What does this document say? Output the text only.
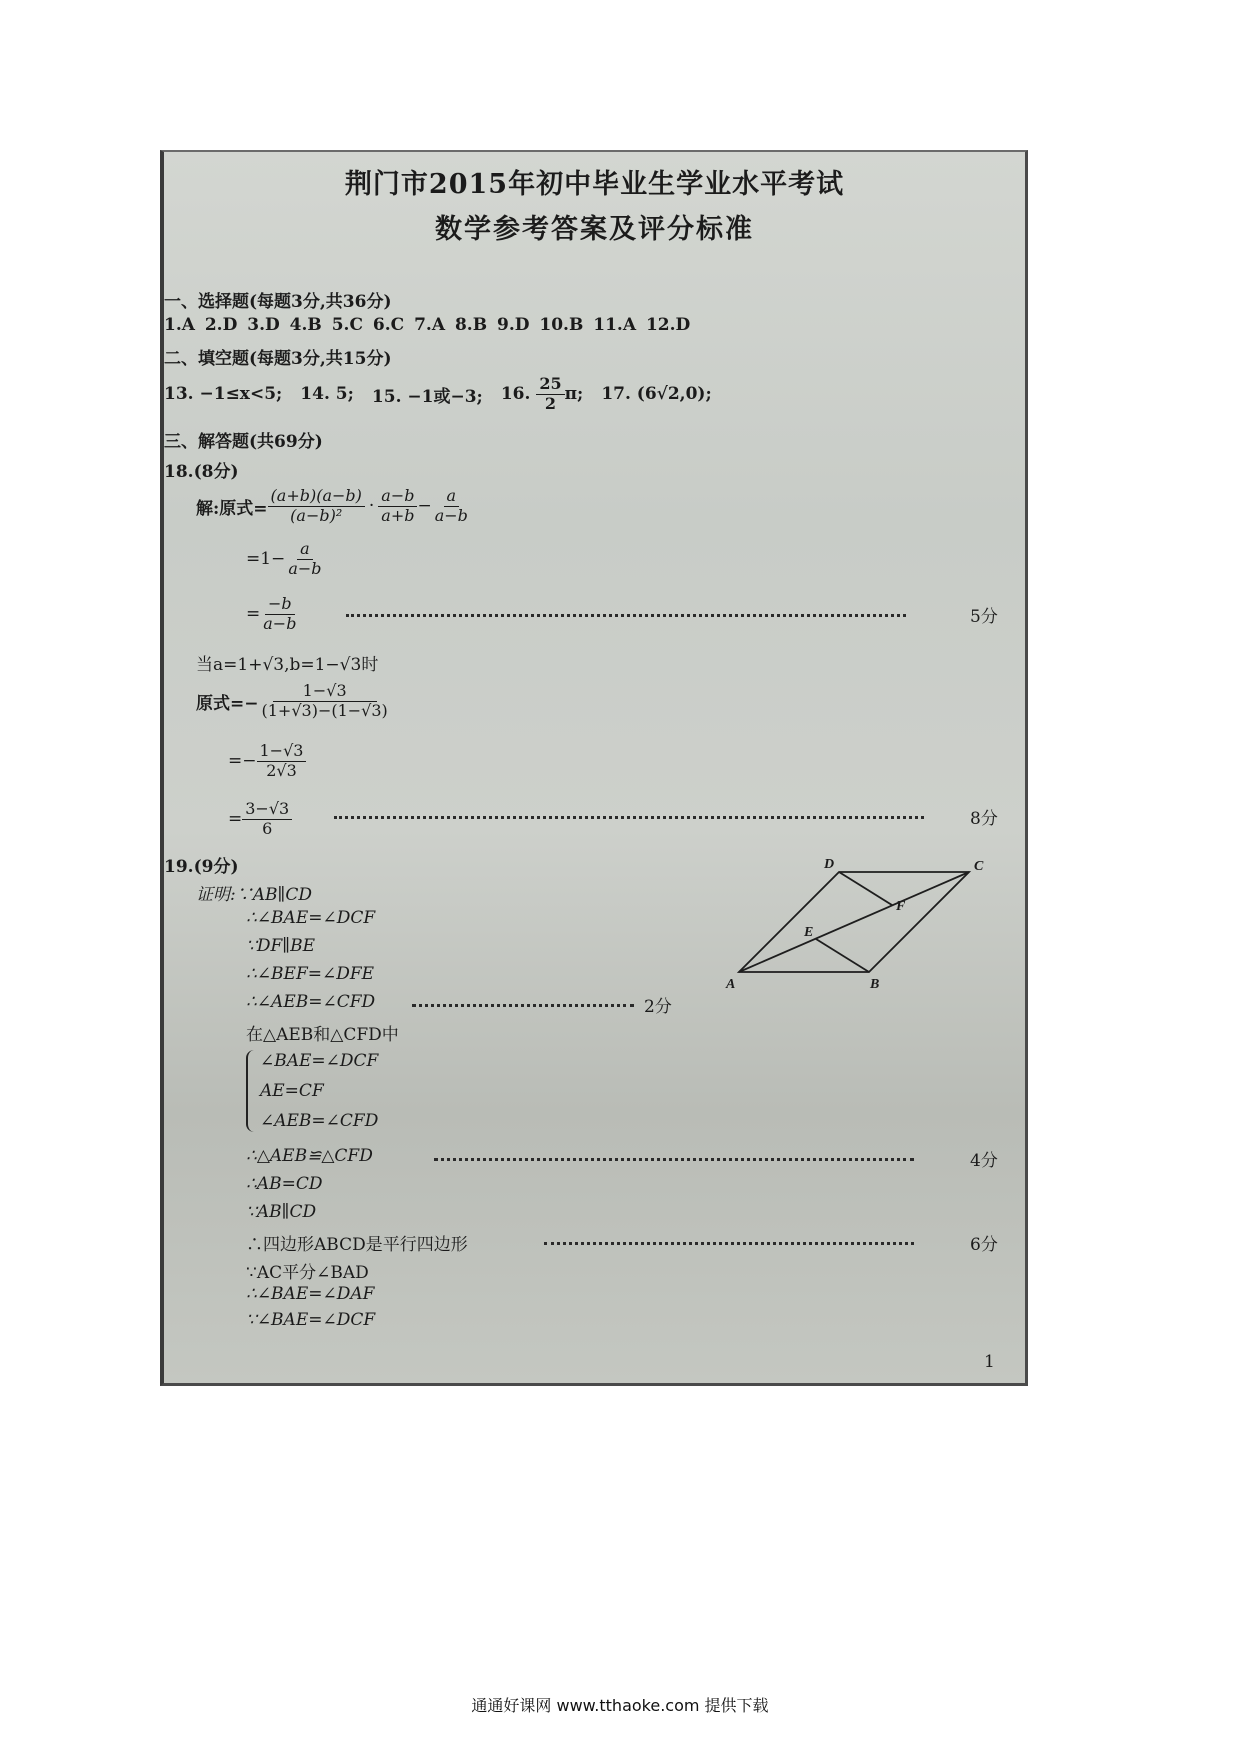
荆门市2015年初中毕业生学业水平考试
数学参考答案及评分标准
一、选择题(每题3分,共36分)
1.A 2.D 3.D 4.B 5.C 6.C 7.A 8.B 9.D 10.B 11.A 12.D
二、填空题(每题3分,共15分)
13. −1≤x<5; 14. 5; 15. −1或−3; 16. $\frac{25}{2} \pi$; 17. (6√2,0);
三、解答题(共69分)
18.(8分)
解:原式= $\frac{(a+b)(a-b)}{\text{(a−b)²}} \cdot \frac{a-b}{a+b} - \frac{a}{a-b}$
$=1- \frac{a}{a-b}$
= $\frac{-b}{a-b}$	5分
当a=1+√3,b=1−√3时
原式=− $\frac{1-√3}{(1+√3)-(1-√3)}$
=− $\frac{1-√3}{2√3}$
= $\frac{3-√3}{6}$	8分
19.(9分)
证明:∵AB∥CD
∴∠BAE=∠DCF
∵DF∥BE
∴∠BEF=∠DFE
∴∠AEB=∠CFD	2分
在△AEB和△CFD中
∠BAE=∠DCF
AE=CF
∠AEB=∠CFD
∴△AEB≌△CFD	4分
∴AB=CD
∵AB∥CD
∴四边形ABCD是平行四边形	6分
∵AC平分∠BAD
∴∠BAE=∠DAF
∵∠BAE=∠DCF
A	B
C
D
E
F
1
通通好课网 www.tthaoke.com 提供下载
